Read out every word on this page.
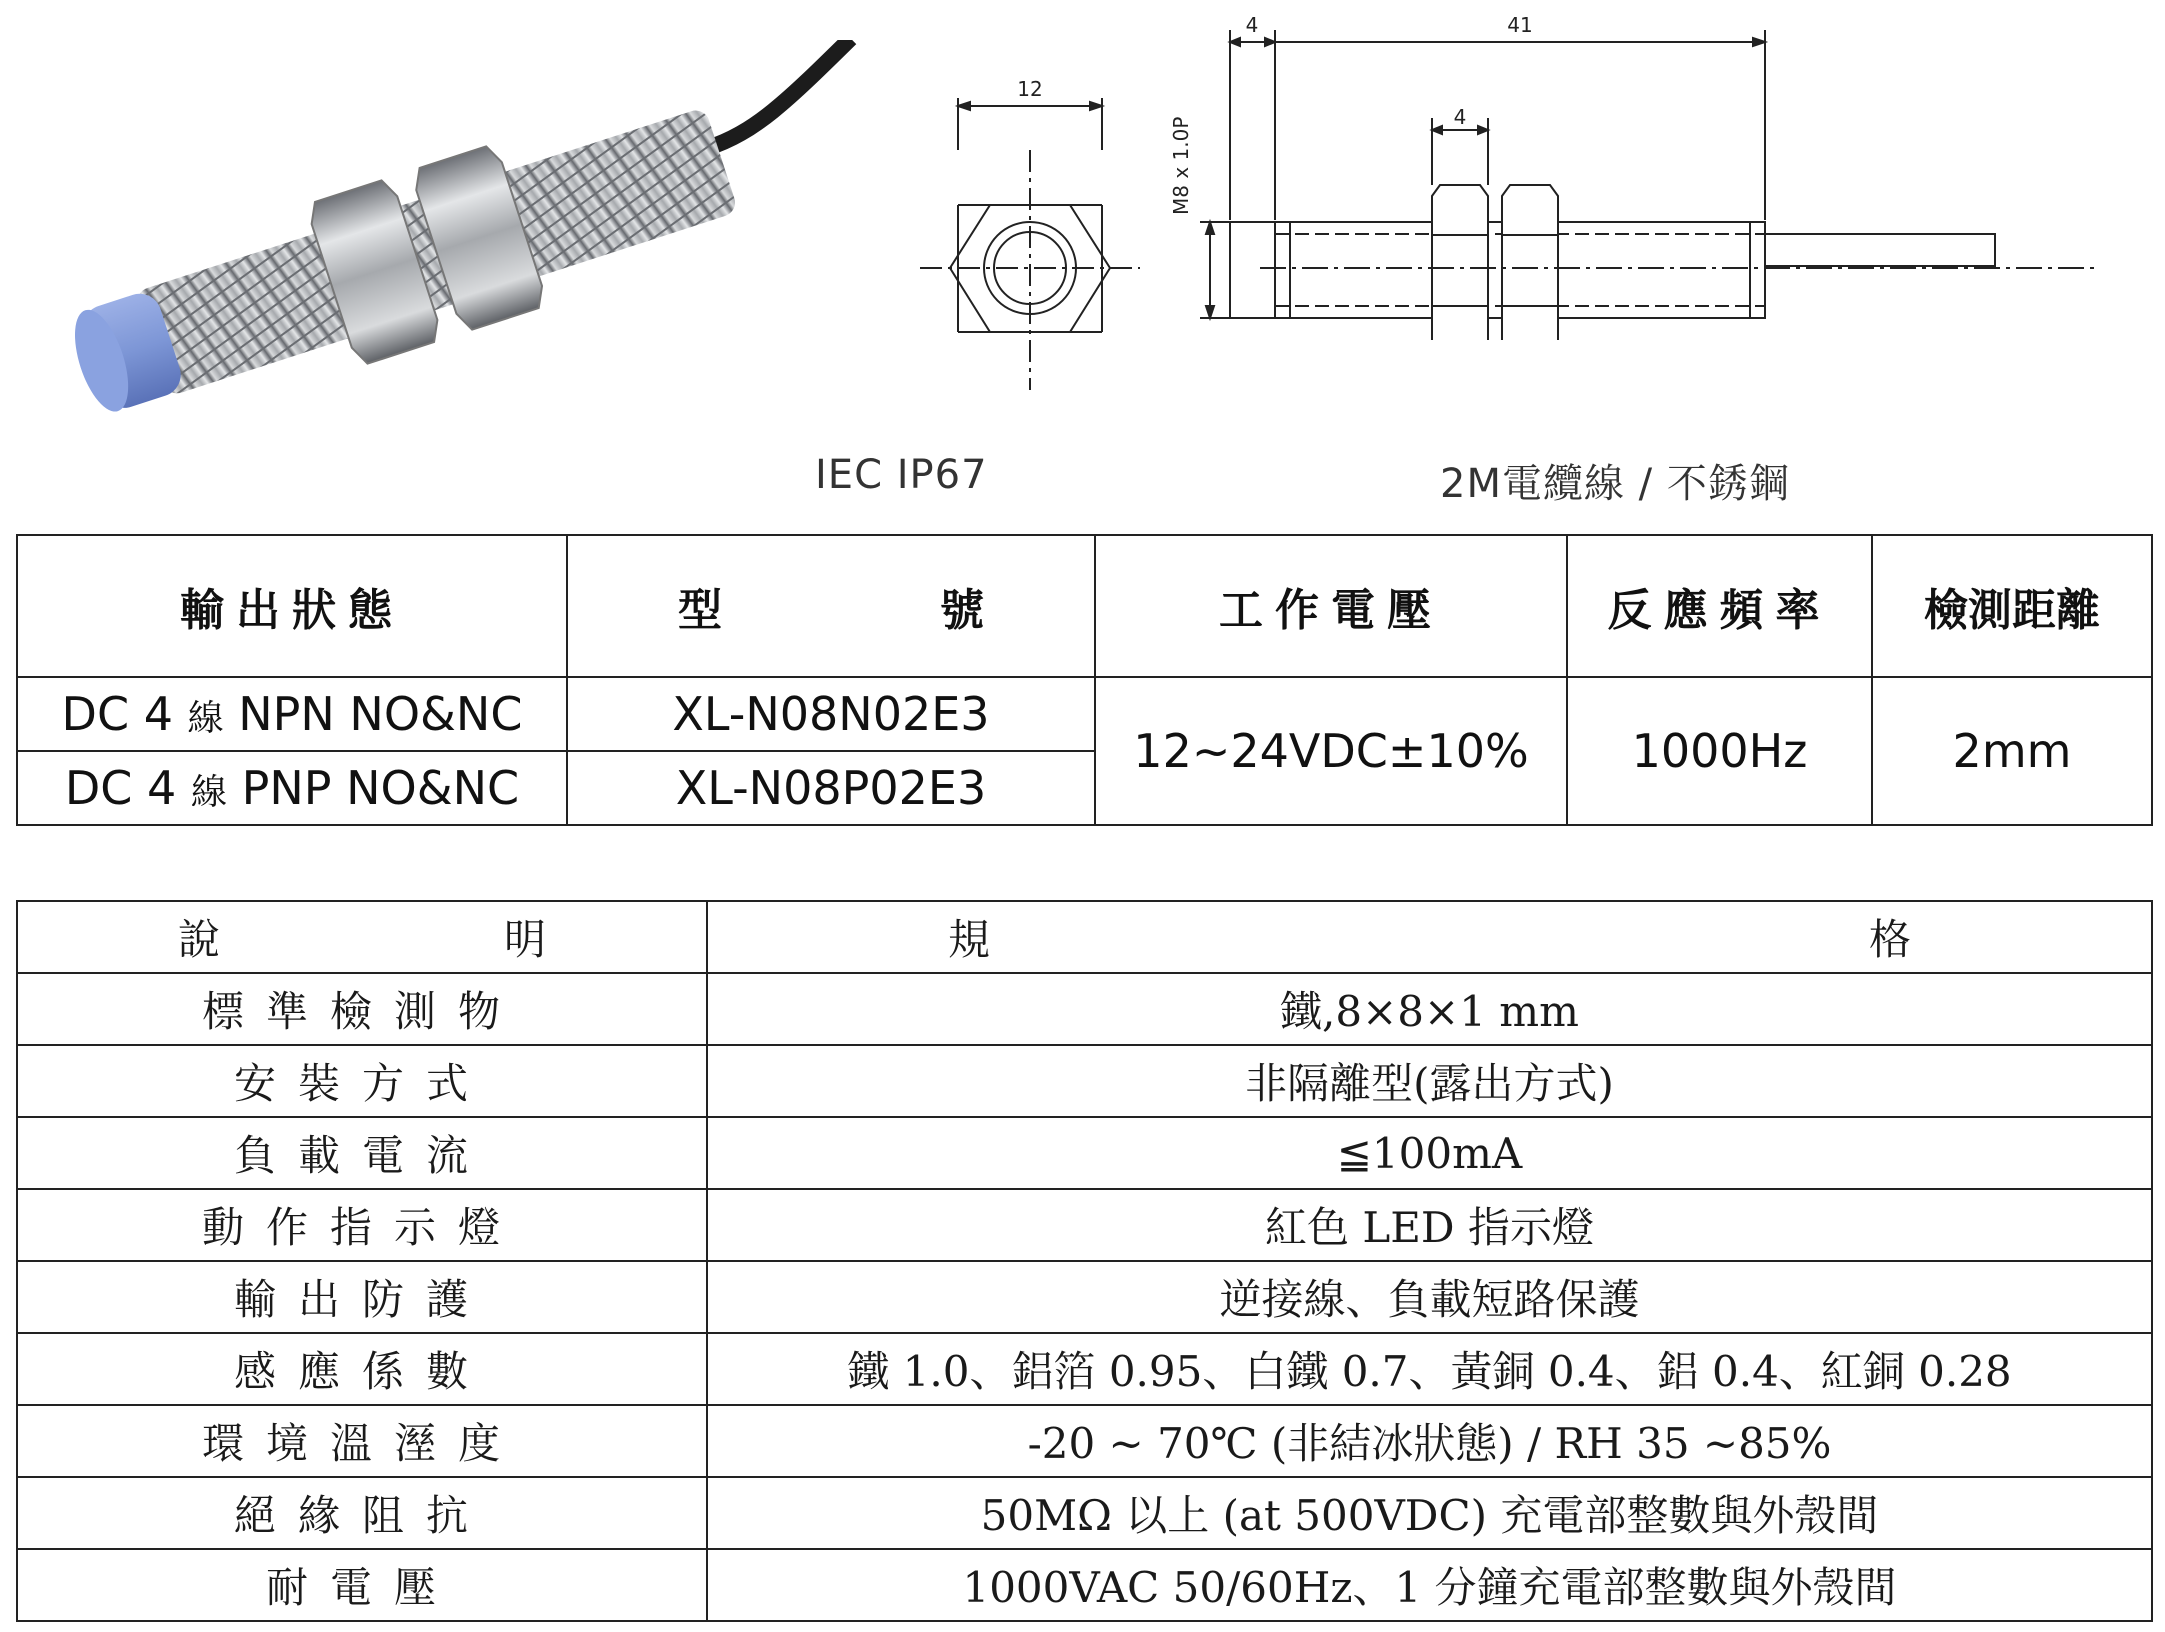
12
4	41
4
M8 x 1.0P
IEC IP67	2M電纜線 / 不銹鋼
輸出狀態	型 號	工作電壓	反應頻率	檢測距離
DC 4 線 NPN NO&NC	XL-N08N02E3	12~24VDC±10%	1000Hz	2mm
DC 4 線 PNP NO&NC	XL-N08P02E3			
說 明	規 格

標準檢測物	鐵,8×8×1 mm
安裝方式	非隔離型(露出方式)
負載電流	≦100mA
動作指示燈	紅色 LED 指示燈
輸出防護	逆接線、負載短路保護
感應係數	鐵 1.0、鋁箔 0.95、白鐵 0.7、黃銅 0.4、鋁 0.4、紅銅 0.28
環境溫溼度	-20 ~ 70℃ (非結冰狀態) / RH 35 ~85%
絕緣阻抗	50MΩ 以上 (at 500VDC) 充電部整數與外殼間
耐電壓	1000VAC 50/60Hz、1 分鐘充電部整數與外殼間
